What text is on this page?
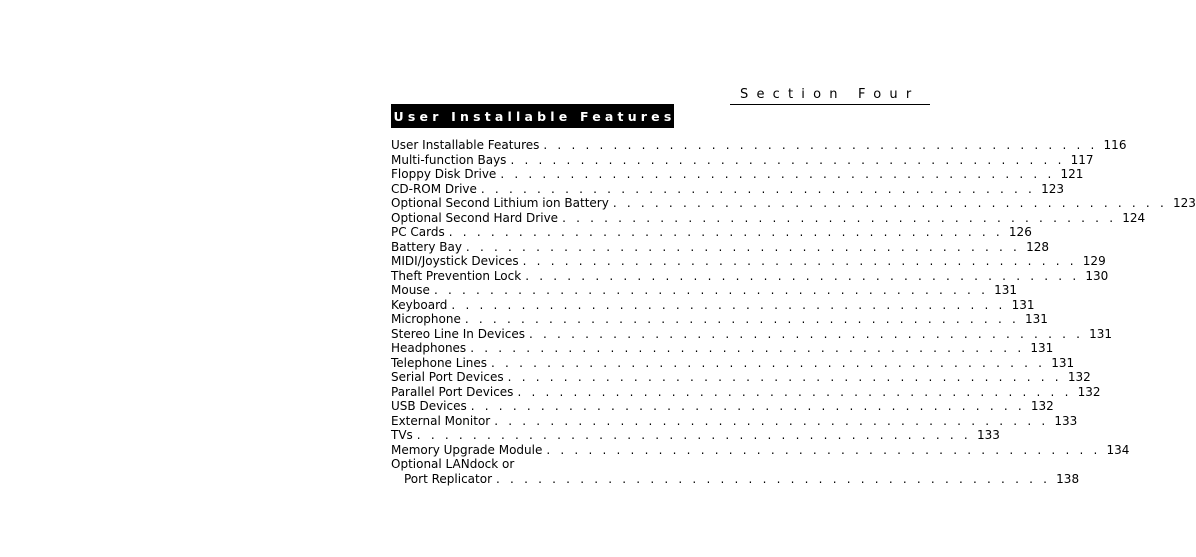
Section Four
User Installable Features
User Installable Features . . . . . . . . . . . . . . . . . . . . . . . . . . . . . . . . . . . . . . . . 116
Multi-function Bays . . . . . . . . . . . . . . . . . . . . . . . . . . . . . . . . . . . . . . . . 117
Floppy Disk Drive . . . . . . . . . . . . . . . . . . . . . . . . . . . . . . . . . . . . . . . . 121
CD-ROM Drive . . . . . . . . . . . . . . . . . . . . . . . . . . . . . . . . . . . . . . . . 123
Optional Second Lithium ion Battery . . . . . . . . . . . . . . . . . . . . . . . . . . . . . . . . . . . . . . . . 123
Optional Second Hard Drive . . . . . . . . . . . . . . . . . . . . . . . . . . . . . . . . . . . . . . . . 124
PC Cards . . . . . . . . . . . . . . . . . . . . . . . . . . . . . . . . . . . . . . . . 126
Battery Bay . . . . . . . . . . . . . . . . . . . . . . . . . . . . . . . . . . . . . . . . 128
MIDI/Joystick Devices . . . . . . . . . . . . . . . . . . . . . . . . . . . . . . . . . . . . . . . . 129
Theft Prevention Lock . . . . . . . . . . . . . . . . . . . . . . . . . . . . . . . . . . . . . . . . 130
Mouse . . . . . . . . . . . . . . . . . . . . . . . . . . . . . . . . . . . . . . . . 131
Keyboard . . . . . . . . . . . . . . . . . . . . . . . . . . . . . . . . . . . . . . . . 131
Microphone . . . . . . . . . . . . . . . . . . . . . . . . . . . . . . . . . . . . . . . . 131
Stereo Line In Devices . . . . . . . . . . . . . . . . . . . . . . . . . . . . . . . . . . . . . . . . 131
Headphones . . . . . . . . . . . . . . . . . . . . . . . . . . . . . . . . . . . . . . . . 131
Telephone Lines . . . . . . . . . . . . . . . . . . . . . . . . . . . . . . . . . . . . . . . . 131
Serial Port Devices . . . . . . . . . . . . . . . . . . . . . . . . . . . . . . . . . . . . . . . . 132
Parallel Port Devices . . . . . . . . . . . . . . . . . . . . . . . . . . . . . . . . . . . . . . . . 132
USB Devices . . . . . . . . . . . . . . . . . . . . . . . . . . . . . . . . . . . . . . . . 132
External Monitor . . . . . . . . . . . . . . . . . . . . . . . . . . . . . . . . . . . . . . . . 133
TVs . . . . . . . . . . . . . . . . . . . . . . . . . . . . . . . . . . . . . . . . 133
Memory Upgrade Module . . . . . . . . . . . . . . . . . . . . . . . . . . . . . . . . . . . . . . . . 134
Optional LANdock or
Port Replicator . . . . . . . . . . . . . . . . . . . . . . . . . . . . . . . . . . . . . . . . 138
